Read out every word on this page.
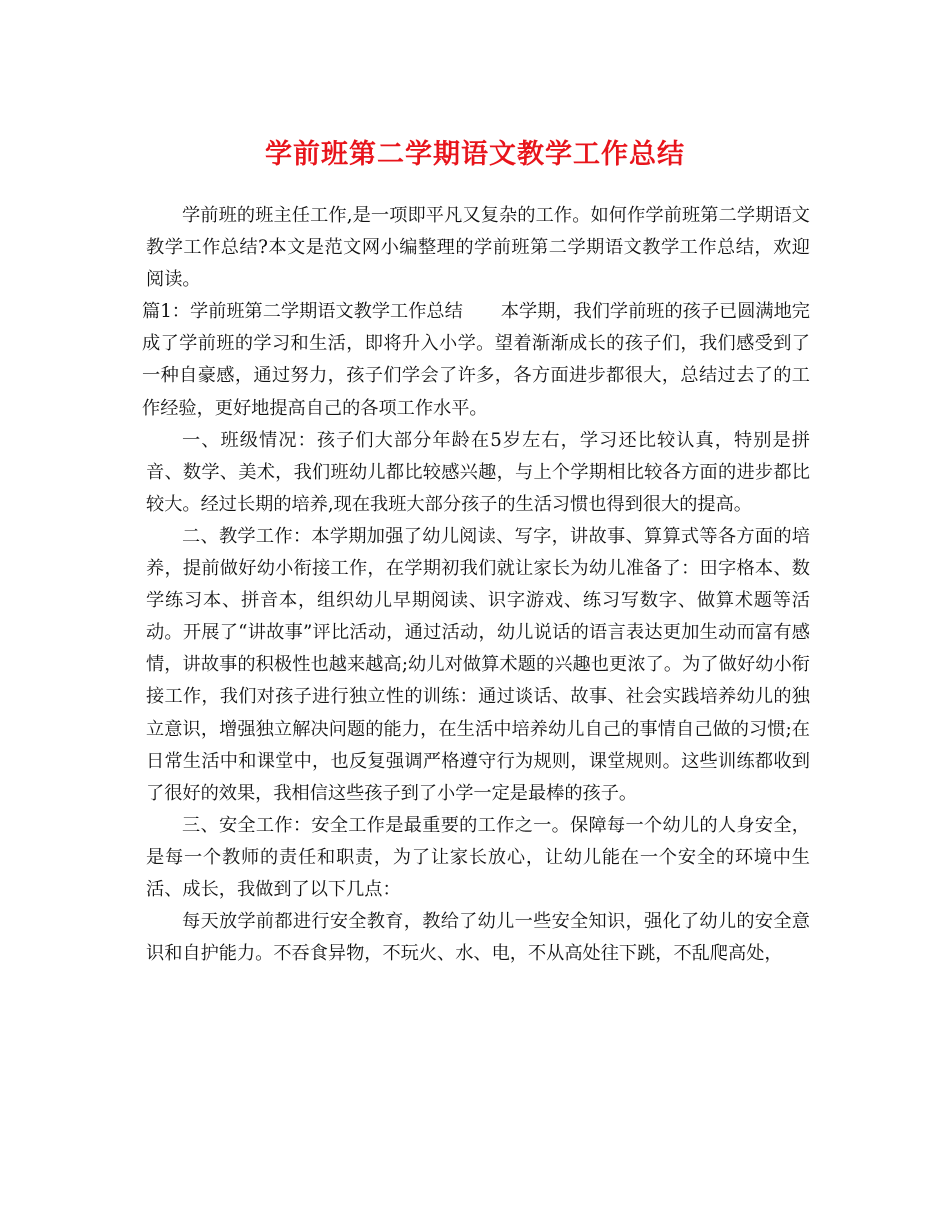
学前班第二学期语文教学工作总结

学前班的班主任工作,是一项即平凡又复杂的工作。如何作学前班第二学期语文教学工作总结?本文是范文网小编整理的学前班第二学期语文教学工作总结，欢迎阅读。

篇1：学前班第二学期语文教学工作总结 本学期，我们学前班的孩子已圆满地完成了学前班的学习和生活，即将升入小学。望着渐渐成长的孩子们，我们感受到了一种自豪感，通过努力，孩子们学会了许多，各方面进步都很大，总结过去了的工作经验，更好地提高自己的各项工作水平。

一、班级情况：孩子们大部分年龄在5岁左右，学习还比较认真，特别是拼音、数学、美术，我们班幼儿都比较感兴趣，与上个学期相比较各方面的进步都比较大。经过长期的培养,现在我班大部分孩子的生活习惯也得到很大的提高。

二、教学工作：本学期加强了幼儿阅读、写字，讲故事、算算式等各方面的培养，提前做好幼小衔接工作，在学期初我们就让家长为幼儿准备了：田字格本、数学练习本、拼音本，组织幼儿早期阅读、识字游戏、练习写数字、做算术题等活动。开展了“讲故事”评比活动，通过活动，幼儿说话的语言表达更加生动而富有感情，讲故事的积极性也越来越高;幼儿对做算术题的兴趣也更浓了。为了做好幼小衔接工作，我们对孩子进行独立性的训练：通过谈话、故事、社会实践培养幼儿的独立意识，增强独立解决问题的能力，在生活中培养幼儿自己的事情自己做的习惯;在日常生活中和课堂中，也反复强调严格遵守行为规则，课堂规则。这些训练都收到了很好的效果，我相信这些孩子到了小学一定是最棒的孩子。

三、安全工作：安全工作是最重要的工作之一。保障每一个幼儿的人身安全，是每一个教师的责任和职责，为了让家长放心，让幼儿能在一个安全的环境中生活、成长，我做到了以下几点：

每天放学前都进行安全教育，教给了幼儿一些安全知识，强化了幼儿的安全意识和自护能力。不吞食异物，不玩火、水、电，不从高处往下跳，不乱爬高处，
